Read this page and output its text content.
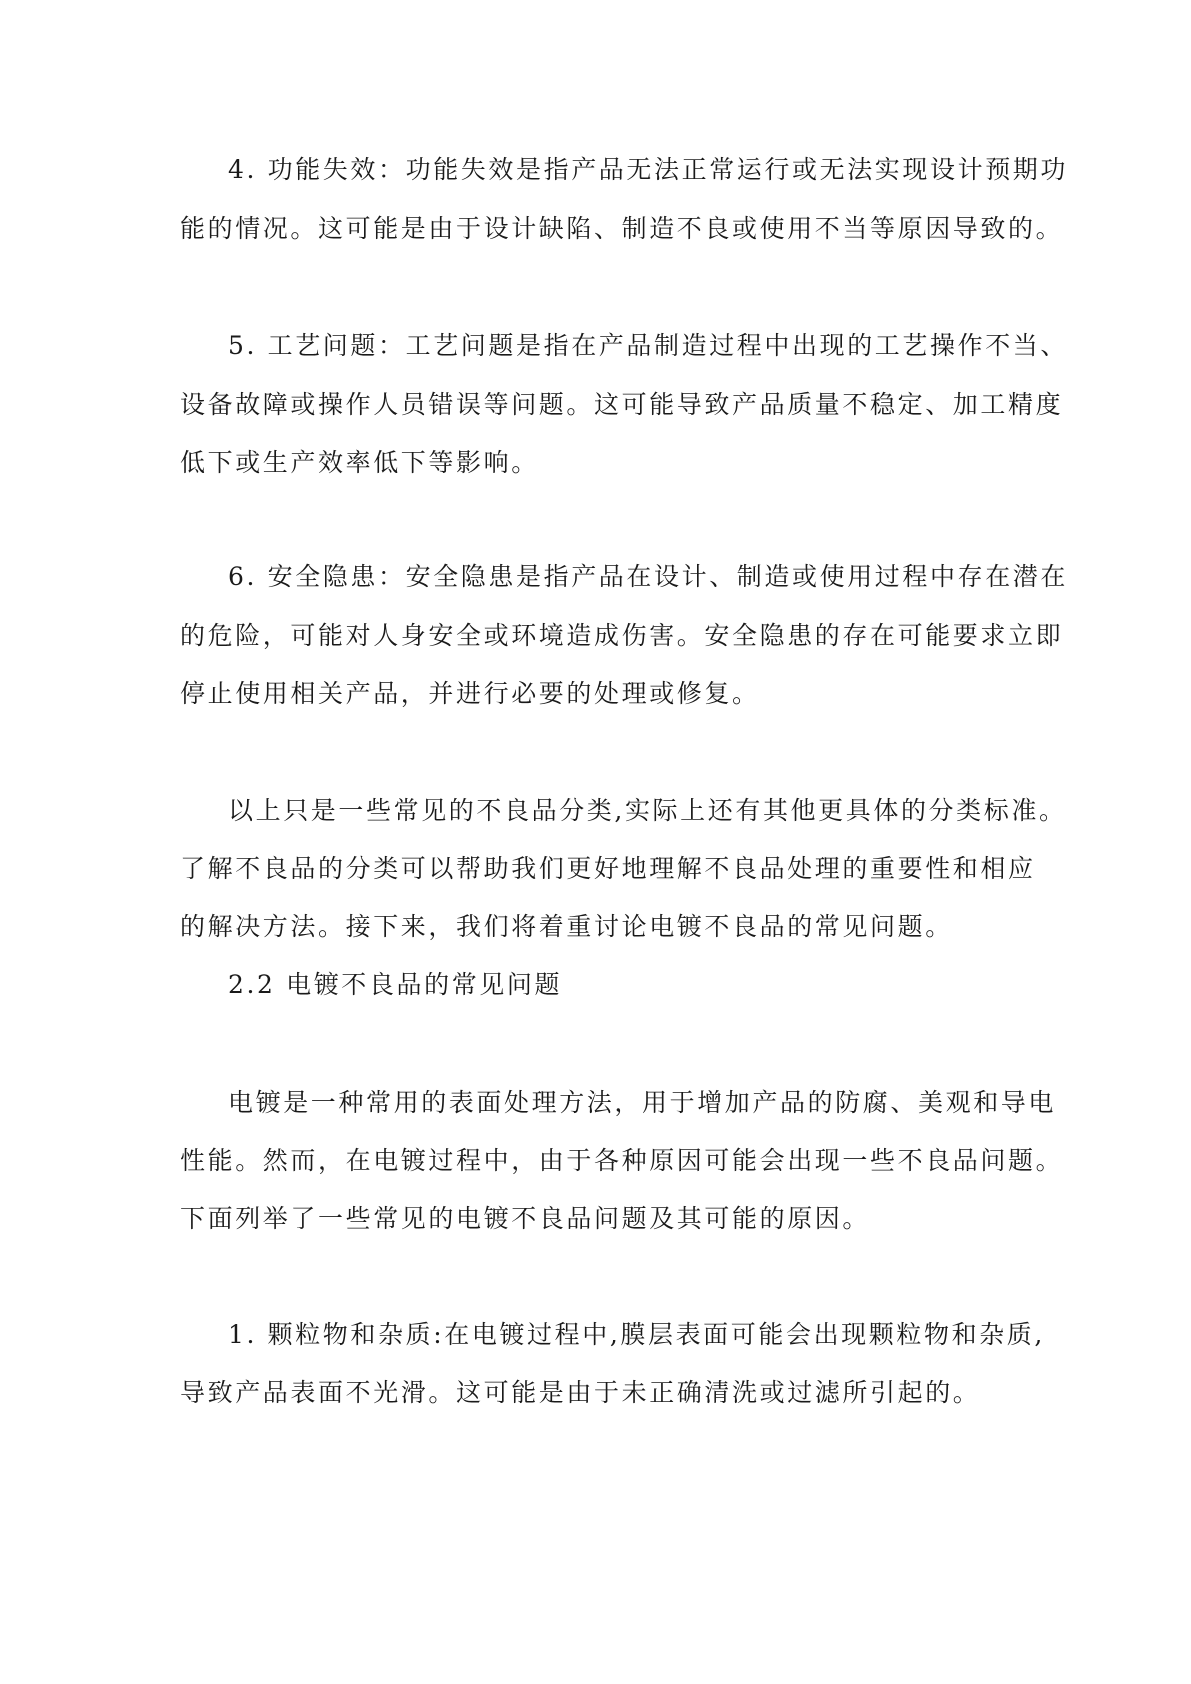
4. 功能失效：功能失效是指产品无法正常运行或无法实现设计预期功
能的情况。这可能是由于设计缺陷、制造不良或使用不当等原因导致的。
5. 工艺问题：工艺问题是指在产品制造过程中出现的工艺操作不当、
设备故障或操作人员错误等问题。这可能导致产品质量不稳定、加工精度
低下或生产效率低下等影响。
6. 安全隐患：安全隐患是指产品在设计、制造或使用过程中存在潜在
的危险，可能对人身安全或环境造成伤害。安全隐患的存在可能要求立即
停止使用相关产品，并进行必要的处理或修复。
以上只是一些常见的不良品分类,实际上还有其他更具体的分类标准。
了解不良品的分类可以帮助我们更好地理解不良品处理的重要性和相应
的解决方法。接下来，我们将着重讨论电镀不良品的常见问题。
2.2 电镀不良品的常见问题
电镀是一种常用的表面处理方法，用于增加产品的防腐、美观和导电
性能。然而，在电镀过程中，由于各种原因可能会出现一些不良品问题。
下面列举了一些常见的电镀不良品问题及其可能的原因。
1. 颗粒物和杂质:在电镀过程中,膜层表面可能会出现颗粒物和杂质,
导致产品表面不光滑。这可能是由于未正确清洗或过滤所引起的。
